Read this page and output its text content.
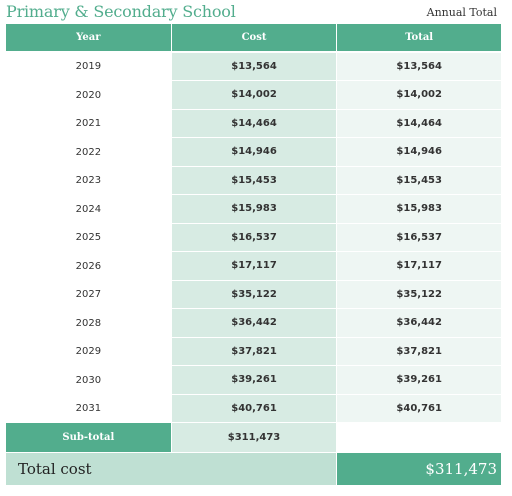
Primary & Secondary School	Annual Total
Year	Cost	Total
2019	$13,564	$13,564
2020	$14,002	$14,002
2021	$14,464	$14,464
2022	$14,946	$14,946
2023	$15,453	$15,453
2024	$15,983	$15,983
2025	$16,537	$16,537
2026	$17,117	$17,117
2027	$35,122	$35,122
2028	$36,442	$36,442
2029	$37,821	$37,821
2030	$39,261	$39,261
2031	$40,761	$40,761
Sub-total	$311,473
Total cost	$311,473
